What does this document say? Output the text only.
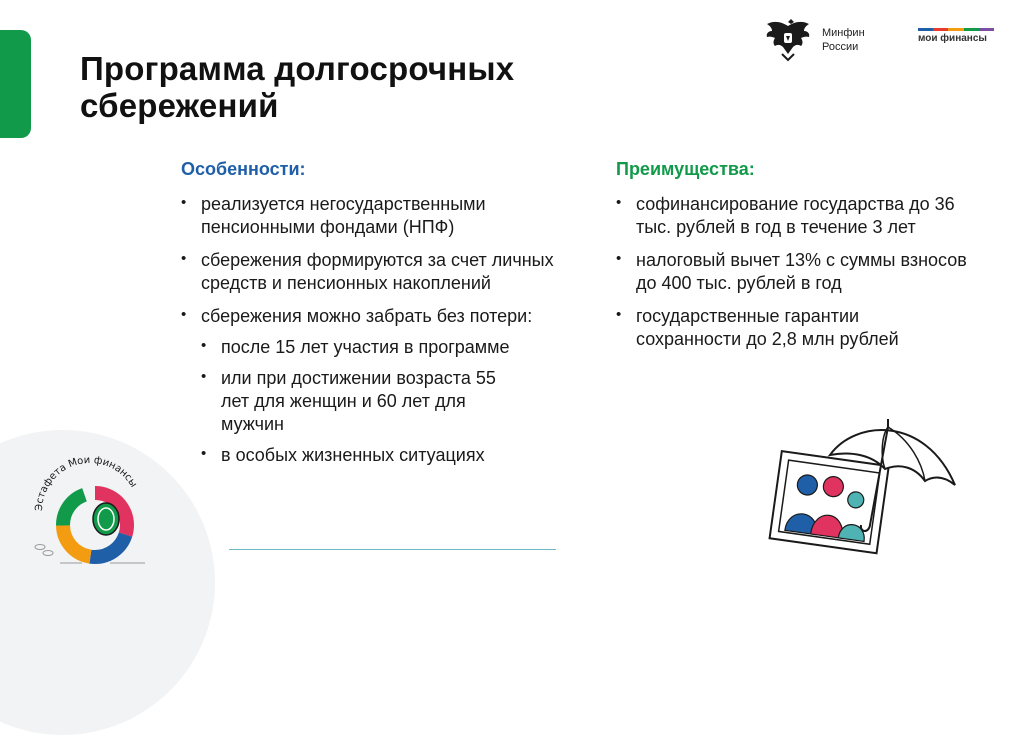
Программа долгосрочных
сбережений
Минфин
России
мои финансы
Особенности:
• реализуется негосударственными пенсионными фондами (НПФ)
• сбережения формируются за счет личных средств и пенсионных накоплений
• сбережения можно забрать без потери:
• после 15 лет участия в программе
• или при достижении возраста 55 лет для женщин и 60 лет для мужчин
• в особых жизненных ситуациях
Преимущества:
• софинансирование государства до 36 тыс. рублей в год в течение 3 лет
• налоговый вычет 13% с суммы взносов до 400 тыс. рублей в год
• государственные гарантии сохранности до 2,8 млн рублей
Эстафета Мои финансы
